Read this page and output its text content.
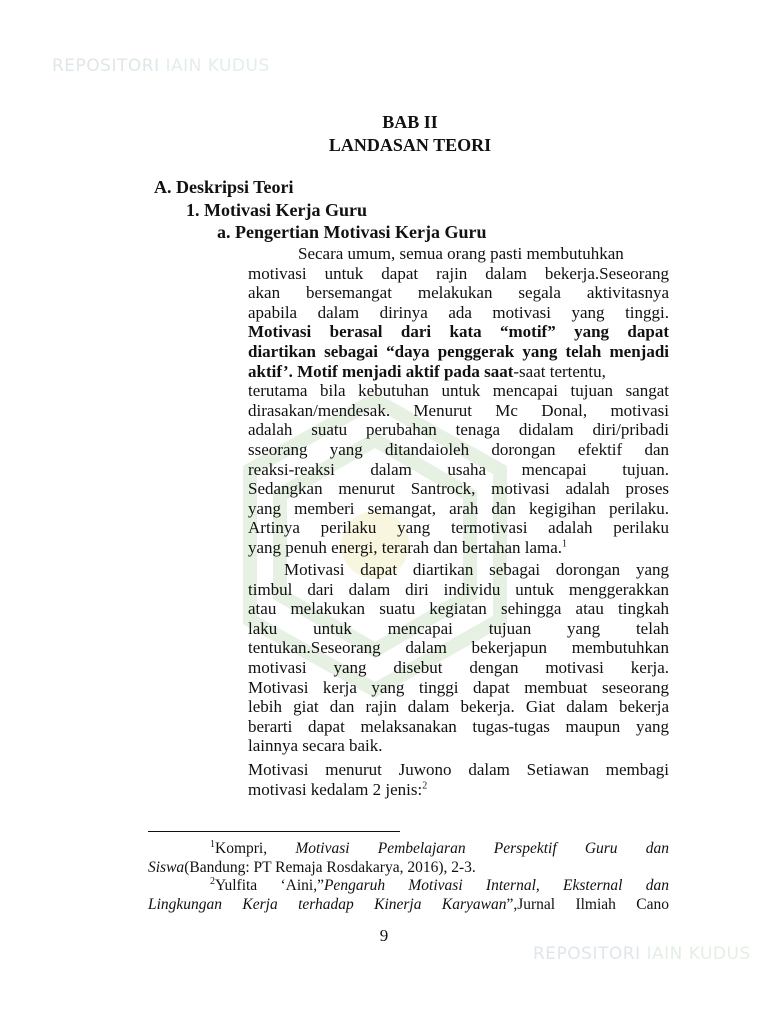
REPOSITORI IAIN KUDUS
BAB II
LANDASAN TEORI
A. Deskripsi Teori
1. Motivasi Kerja Guru
a. Pengertian Motivasi Kerja Guru
Secara umum, semua orang pasti membutuhkan
motivasi untuk dapat rajin dalam bekerja.Seseorang
akan bersemangat melakukan segala aktivitasnya
apabila dalam dirinya ada motivasi yang tinggi.
Motivasi berasal dari kata “motif” yang dapat
diartikan sebagai “daya penggerak yang telah menjadi
aktif’. Motif menjadi aktif pada saat-saat tertentu,
terutama bila kebutuhan untuk mencapai tujuan sangat
dirasakan/mendesak. Menurut Mc Donal, motivasi
adalah suatu perubahan tenaga didalam diri/pribadi
sseorang yang ditandaioleh dorongan efektif dan
reaksi-reaksi dalam usaha mencapai tujuan.
Sedangkan menurut Santrock, motivasi adalah proses
yang memberi semangat, arah dan kegigihan perilaku.
Artinya perilaku yang termotivasi adalah perilaku
yang penuh energi, terarah dan bertahan lama.$^1$
Motivasi dapat diartikan sebagai dorongan yang
timbul dari dalam diri individu untuk menggerakkan
atau melakukan suatu kegiatan sehingga atau tingkah
laku untuk mencapai tujuan yang telah
tentukan.Seseorang dalam bekerjapun membutuhkan
motivasi yang disebut dengan motivasi kerja.
Motivasi kerja yang tinggi dapat membuat seseorang
lebih giat dan rajin dalam bekerja. Giat dalam bekerja
berarti dapat melaksanakan tugas-tugas maupun yang
lainnya secara baik.
Motivasi menurut Juwono dalam Setiawan membagi
motivasi kedalam 2 jenis:$^2$
$^1$Kompri, Motivasi Pembelajaran Perspektif Guru dan
Siswa(Bandung: PT Remaja Rosdakarya, 2016), 2-3.
$^2$Yulfita ‘Aini,”Pengaruh Motivasi Internal, Eksternal dan
Lingkungan Kerja terhadap Kinerja Karyawan”,Jurnal Ilmiah Cano
9
REPOSITORI IAIN KUDUS
